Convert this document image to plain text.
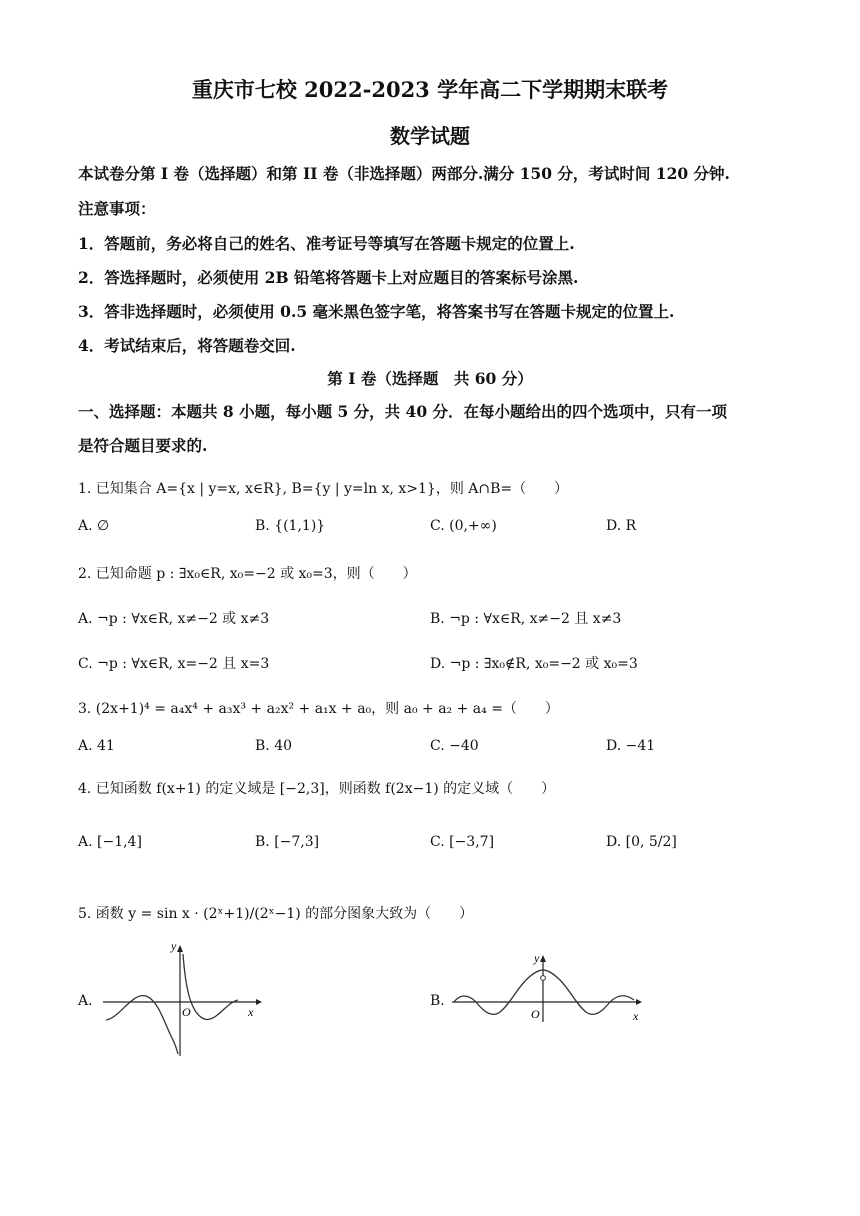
重庆市七校 2022-2023 学年高二下学期期末联考
数学试题
本试卷分第 I 卷（选择题）和第 II 卷（非选择题）两部分.满分 150 分，考试时间 120 分钟.
注意事项：
1．答题前，务必将自己的姓名、准考证号等填写在答题卡规定的位置上.
2．答选择题时，必须使用 2B 铅笔将答题卡上对应题目的答案标号涂黑.
3．答非选择题时，必须使用 0.5 毫米黑色签字笔，将答案书写在答题卡规定的位置上.
4．考试结束后，将答题卷交回.
第 I 卷（选择题　共 60 分）
一、选择题：本题共 8 小题，每小题 5 分，共 40 分．在每小题给出的四个选项中，只有一项
是符合题目要求的.
1. 已知集合 A={x | y=x, x∈R}, B={y | y=ln x, x>1}，则 A∩B=（　　）
A. ∅	B. {(1,1)}	C. (0,+∞)	D. R
2. 已知命题 p : ∃x₀∈R, x₀=−2 或 x₀=3，则（　　）
A. ¬p : ∀x∈R, x≠−2 或 x≠3	B. ¬p : ∀x∈R, x≠−2 且 x≠3
C. ¬p : ∀x∈R, x=−2 且 x=3	D. ¬p : ∃x₀∉R, x₀=−2 或 x₀=3
3. (2x+1)⁴ = a₄x⁴ + a₃x³ + a₂x² + a₁x + a₀，则 a₀ + a₂ + a₄ =（　　）
A. 41	B. 40	C. −40	D. −41
4. 已知函数 f(x+1) 的定义域是 [−2,3]，则函数 f(2x−1) 的定义域（　　）
A. [−1,4]	B. [−7,3]	C. [−3,7]	D. [0, 5/2]
5. 函数 y = sin x · (2ˣ+1)/(2ˣ−1) 的部分图象大致为（　　）
A.
y
x
O
B.
y
x
O
